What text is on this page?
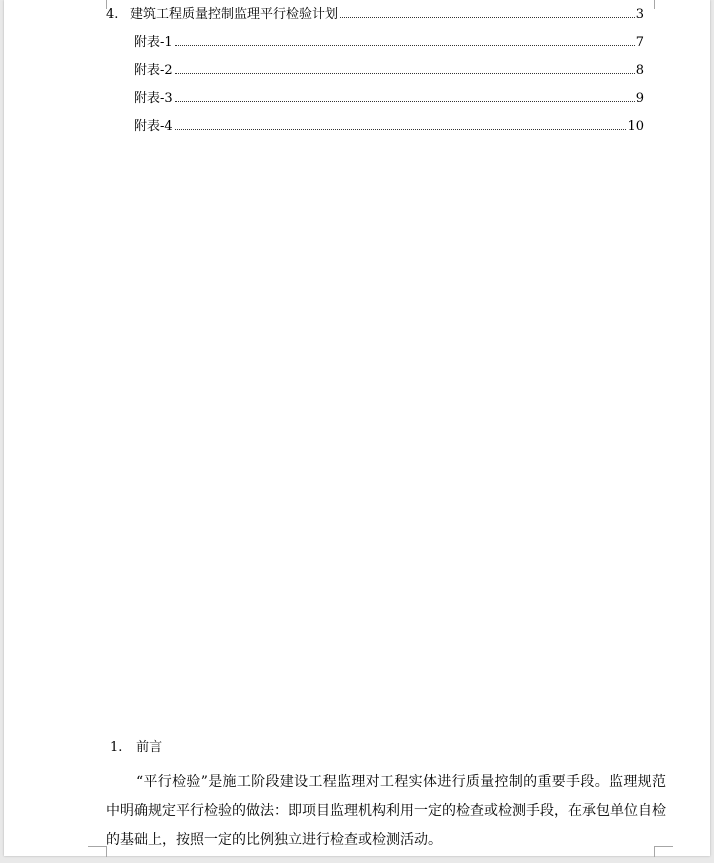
4. 建筑工程质量控制监理平行检验计划	3
附表-1	7
附表-2	8
附表-3	9
附表-4	10
1. 前言
“平行检验”是施工阶段建设工程监理对工程实体进行质量控制的重要手段。监理规范中明确规定平行检验的做法：即项目监理机构利用一定的检查或检测手段，在承包单位自检的基础上，按照一定的比例独立进行检查或检测活动。
